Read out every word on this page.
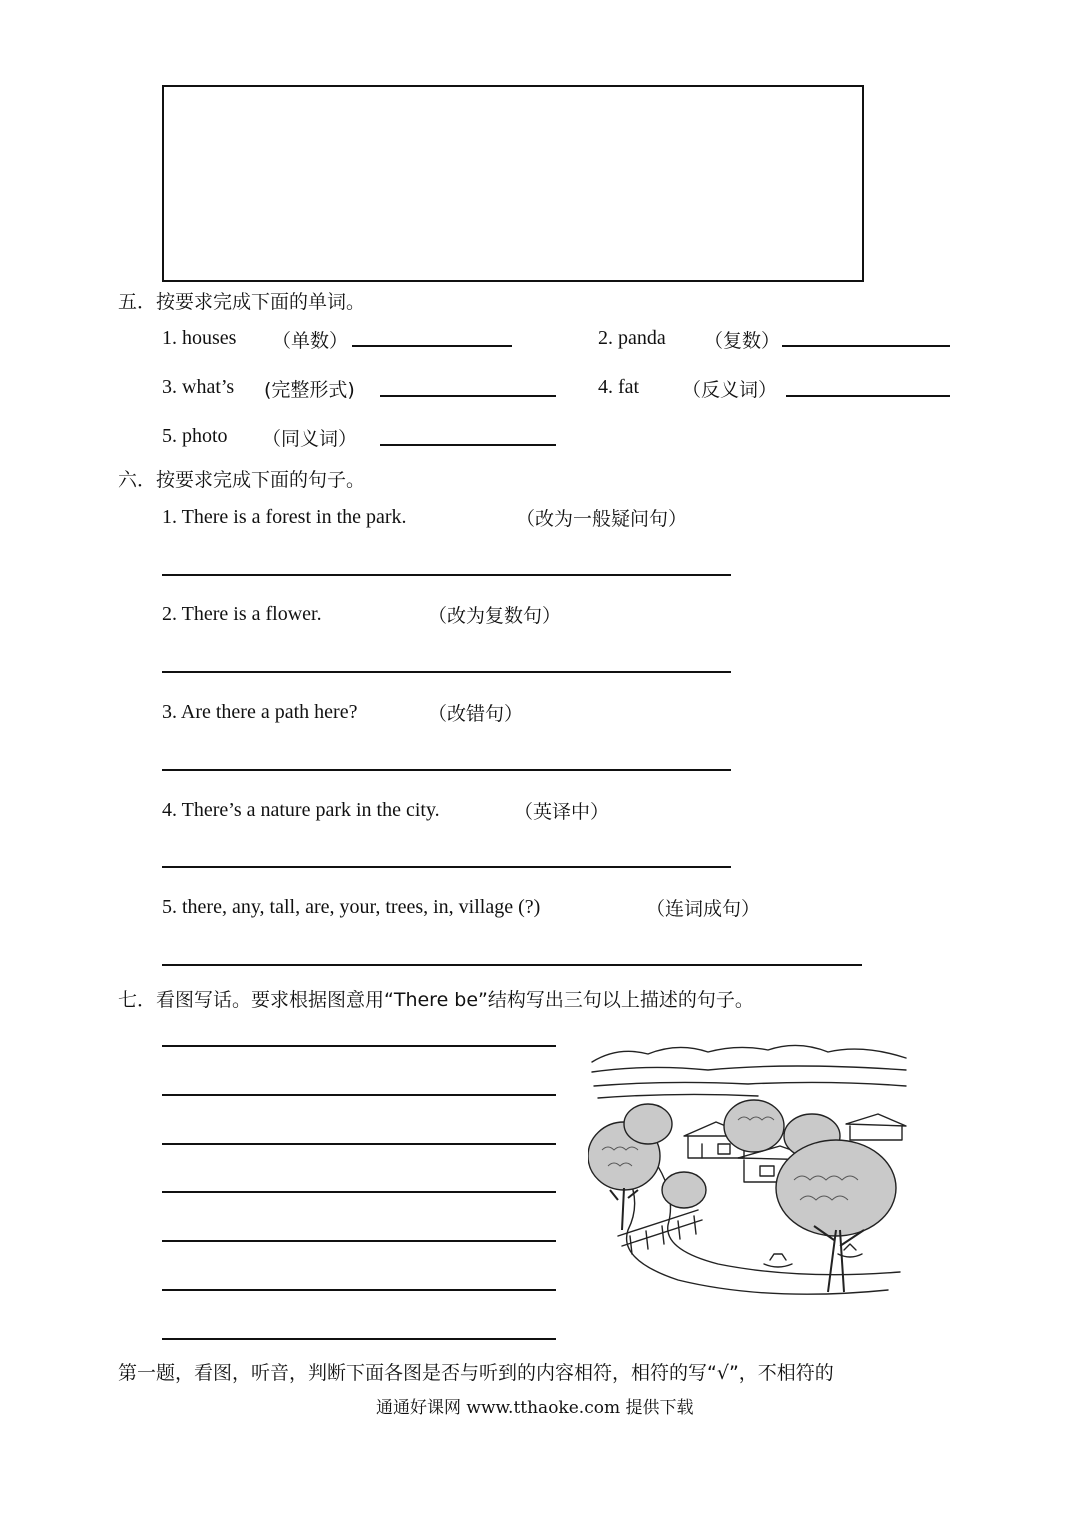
五．按要求完成下面的单词。
1. houses （单数）	2. panda （复数）
3. what’s (完整形式)	4. fat （反义词）
5. photo （同义词）
六．按要求完成下面的句子。
1. There is a forest in the park.	（改为一般疑问句）
2. There is a flower.	（改为复数句）
3. Are there a path here?	（改错句）
4. There’s a nature park in the city.	（英译中）
5. there, any, tall, are, your, trees, in, village (?)	（连词成句）
七．看图写话。要求根据图意用“There be”结构写出三句以上描述的句子。
第一题，看图，听音，判断下面各图是否与听到的内容相符，相符的写“√”，不相符的
通通好课网 www.tthaoke.com 提供下载
